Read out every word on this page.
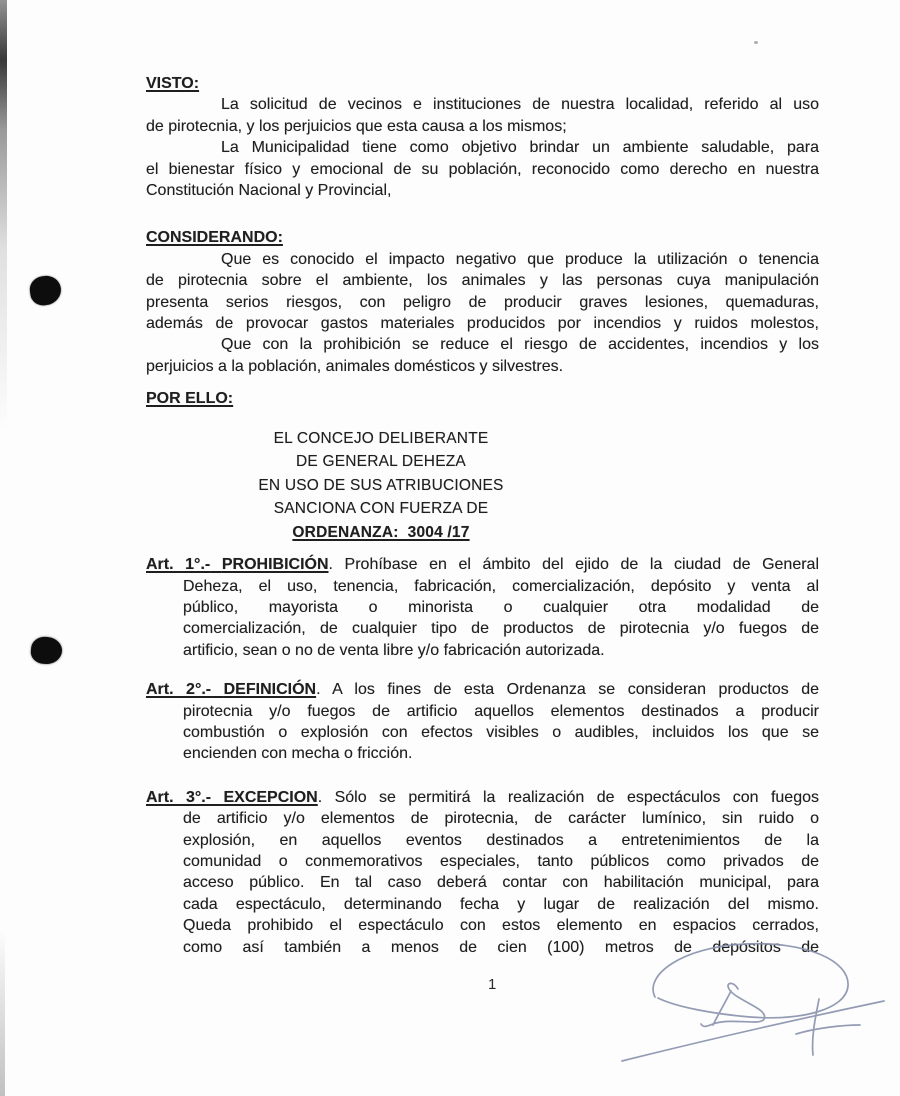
VISTO:
La solicitud de vecinos e instituciones de nuestra localidad, referido al uso
de pirotecnia, y los perjuicios que esta causa a los mismos;
La Municipalidad tiene como objetivo brindar un ambiente saludable, para
el bienestar físico y emocional de su población, reconocido como derecho en nuestra
Constitución Nacional y Provincial,
CONSIDERANDO:
Que es conocido el impacto negativo que produce la utilización o tenencia
de pirotecnia sobre el ambiente, los animales y las personas cuya manipulación
presenta serios riesgos, con peligro de producir graves lesiones, quemaduras,
además de provocar gastos materiales producidos por incendios y ruidos molestos,
Que con la prohibición se reduce el riesgo de accidentes, incendios y los
perjuicios a la población, animales domésticos y silvestres.
POR ELLO:
EL CONCEJO DELIBERANTE
DE GENERAL DEHEZA
EN USO DE SUS ATRIBUCIONES
SANCIONA CON FUERZA DE
ORDENANZA:  3004 /17
Art. 1°.- PROHIBICIÓN. Prohíbase en el ámbito del ejido de la ciudad de General
Deheza, el uso, tenencia, fabricación, comercialización, depósito y venta al
público, mayorista o minorista o cualquier otra modalidad de
comercialización, de cualquier tipo de productos de pirotecnia y/o fuegos de
artificio, sean o no de venta libre y/o fabricación autorizada.
Art. 2°.- DEFINICIÓN. A los fines de esta Ordenanza se consideran productos de
pirotecnia y/o fuegos de artificio aquellos elementos destinados a producir
combustión o explosión con efectos visibles o audibles, incluidos los que se
encienden con mecha o fricción.
Art. 3°.- EXCEPCION. Sólo se permitirá la realización de espectáculos con fuegos
de artificio y/o elementos de pirotecnia, de carácter lumínico, sin ruido o
explosión, en aquellos eventos destinados a entretenimientos de la
comunidad o conmemorativos especiales, tanto públicos como privados de
acceso público. En tal caso deberá contar con habilitación municipal, para
cada espectáculo, determinando fecha y lugar de realización del mismo.
Queda prohibido el espectáculo con estos elemento en espacios cerrados,
como así también a menos de cien (100) metros de depósitos de
1
